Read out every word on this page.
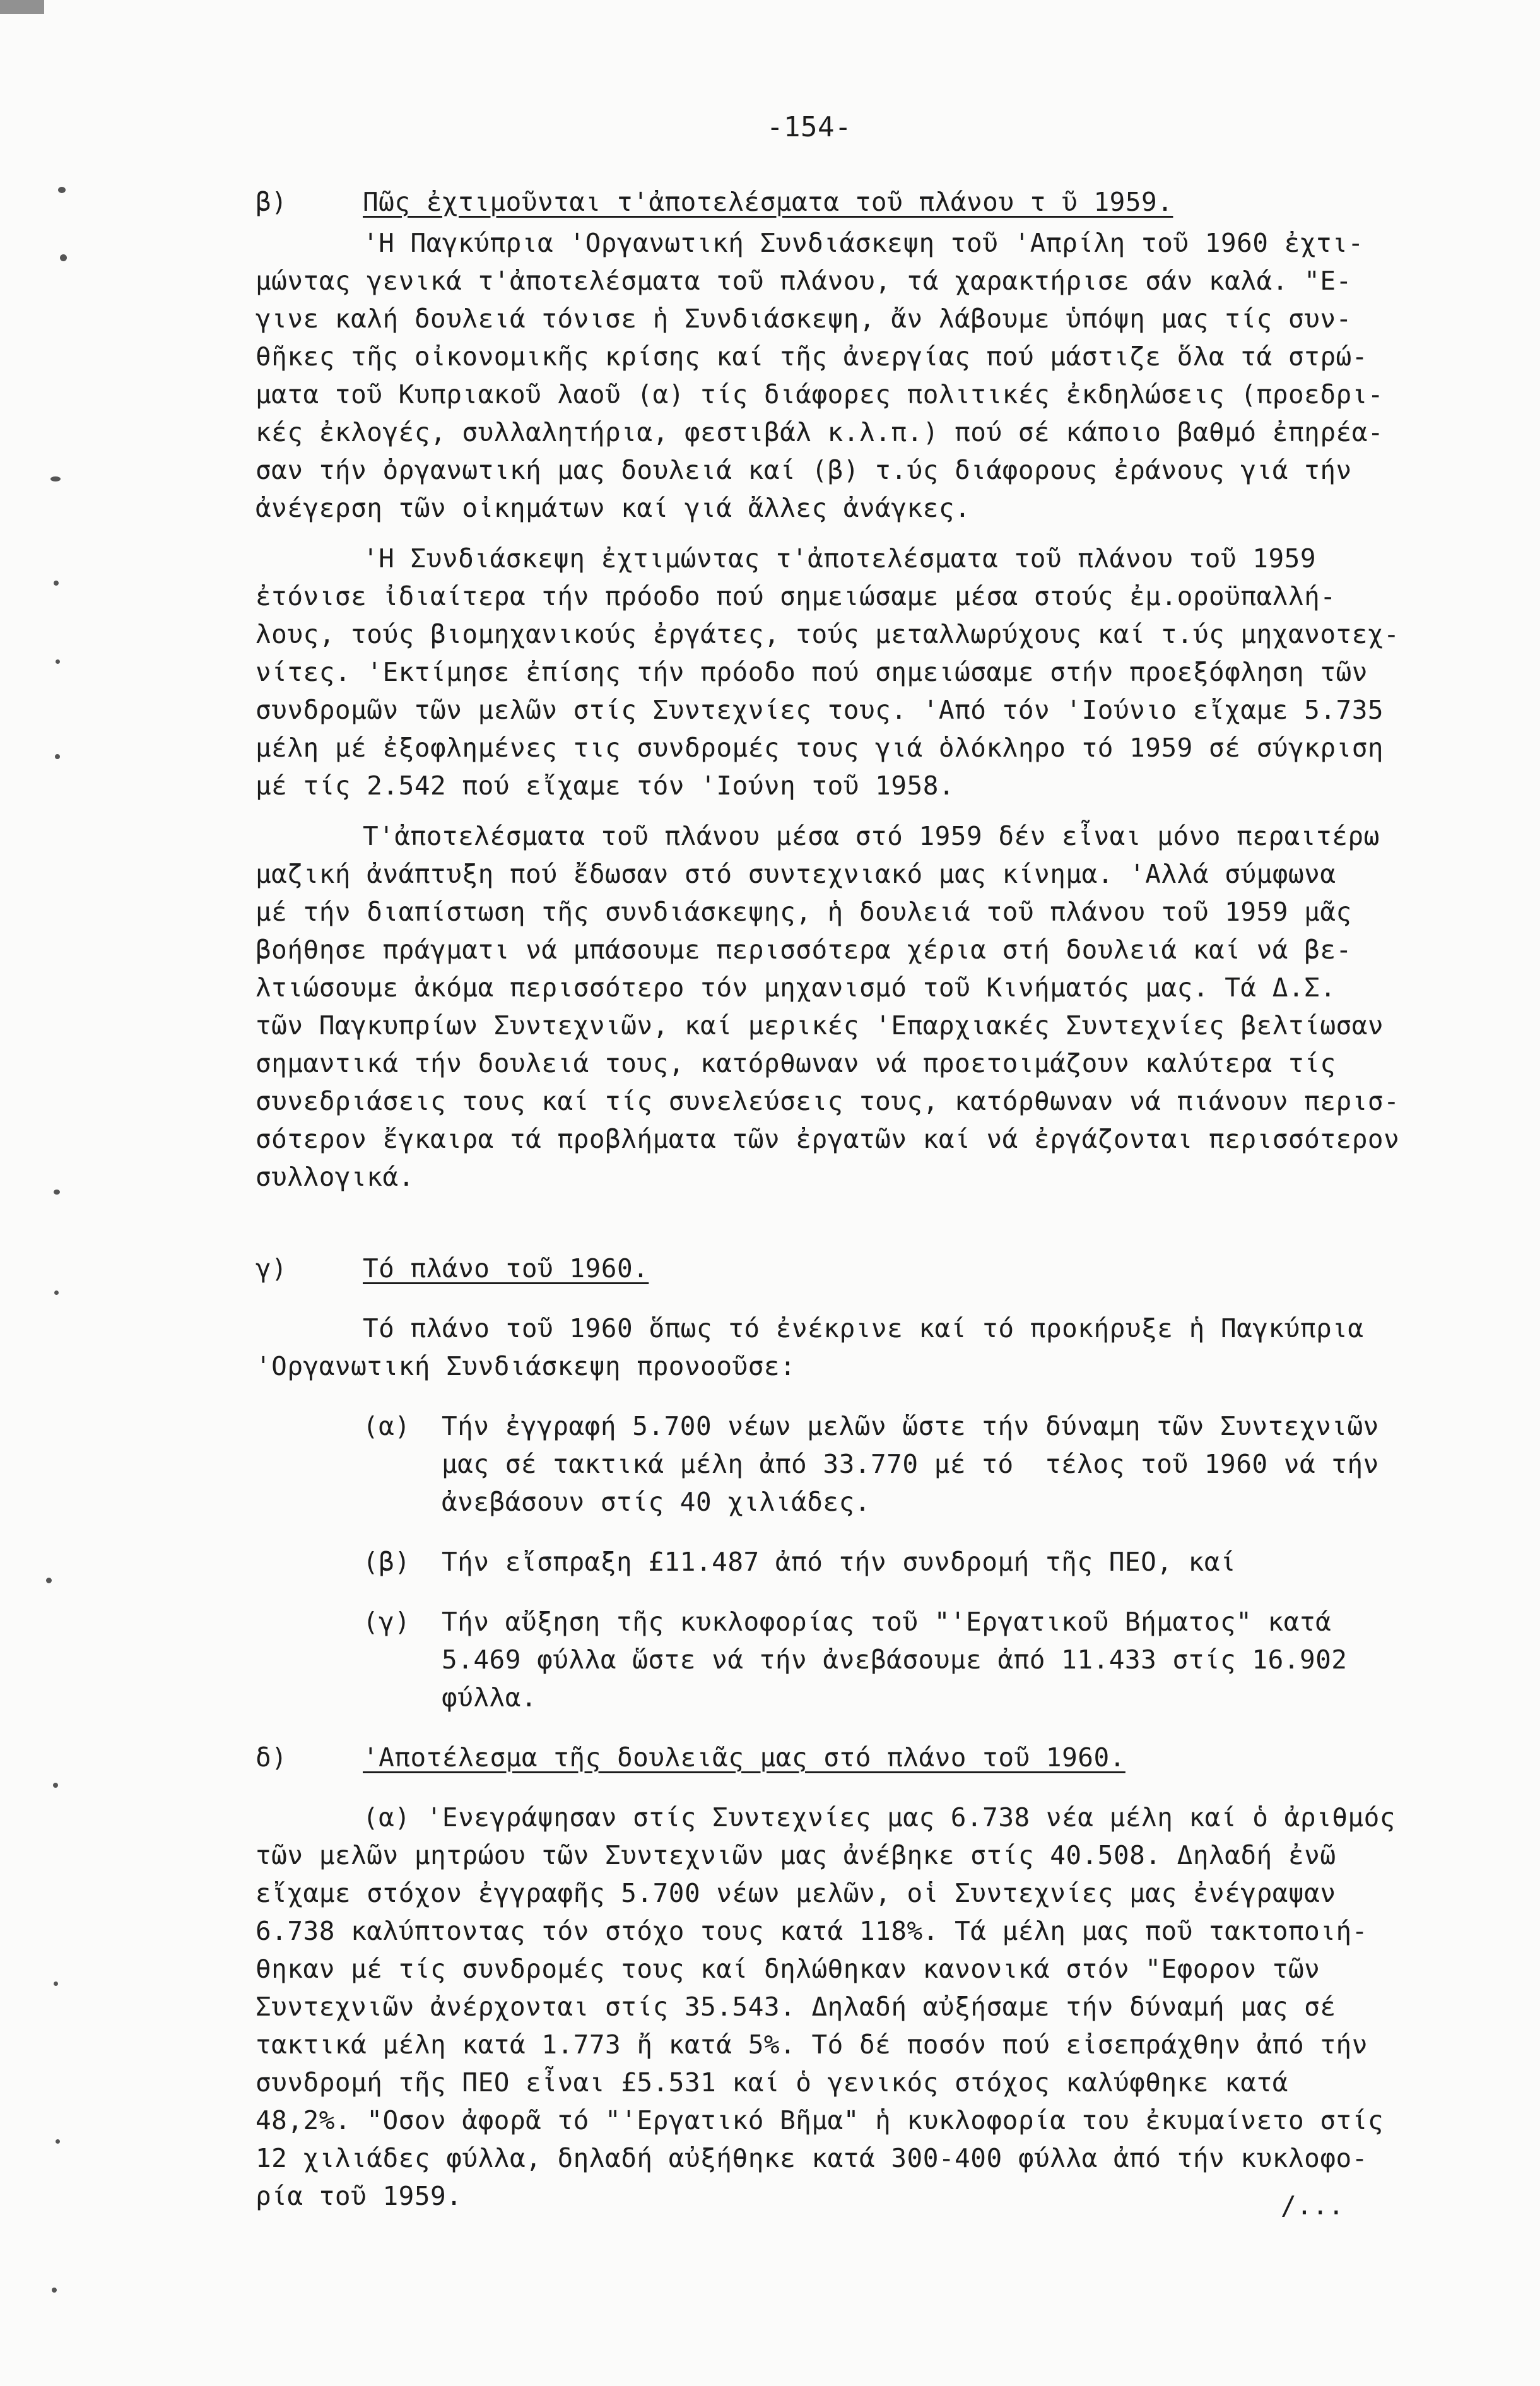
-154-
β)	Πῶς ἐχτιμοῦνται τ'ἀποτελέσματα τοῦ πλάνου τ ῦ 1959.
'Η Παγκύπρια 'Οργανωτική Συνδιάσκεψη τοῦ 'Απρίλη τοῦ 1960 ἐχτι-
μώντας γενικά τ'ἀποτελέσματα τοῦ πλάνου, τά χαρακτήρισε σάν καλά. "Ε-
γινε καλή δουλειά τόνισε ἡ Συνδιάσκεψη, ἄν λάβουμε ὑπόψη μας τίς συν-
θῆκες τῆς οἰκονομικῆς κρίσης καί τῆς ἀνεργίας πού μάστιζε ὅλα τά στρώ-
ματα τοῦ Κυπριακοῦ λαοῦ (α) τίς διάφορες πολιτικές ἐκδηλώσεις (προεδρι-
κές ἐκλογές, συλλαλητήρια, φεστιβάλ κ.λ.π.) πού σέ κάποιο βαθμό ἐπηρέα-
σαν τήν ὀργανωτική μας δουλειά καί (β) τ.ύς διάφορους ἐράνους γιά τήν
ἀνέγερση τῶν οἰκημάτων καί γιά ἄλλες ἀνάγκες.
'Η Συνδιάσκεψη ἐχτιμώντας τ'ἀποτελέσματα τοῦ πλάνου τοῦ 1959
ἐτόνισε ἰδιαίτερα τήν πρόοδο πού σημειώσαμε μέσα στούς ἐμ.οροϋπαλλή-
λους, τούς βιομηχανικούς ἐργάτες, τούς μεταλλωρύχους καί τ.ύς μηχανοτεχ-
νίτες. 'Εκτίμησε ἐπίσης τήν πρόοδο πού σημειώσαμε στήν προεξόφληση τῶν
συνδρομῶν τῶν μελῶν στίς Συντεχνίες τους. 'Από τόν 'Ιούνιο εἴχαμε 5.735
μέλη μέ ἐξοφλημένες τις συνδρομές τους γιά ὁλόκληρο τό 1959 σέ σύγκριση
μέ τίς 2.542 πού εἴχαμε τόν 'Ιούνη τοῦ 1958.
Τ'ἀποτελέσματα τοῦ πλάνου μέσα στό 1959 δέν εἶναι μόνο περαιτέρω
μαζική ἀνάπτυξη πού ἔδωσαν στό συντεχνιακό μας κίνημα. 'Αλλά σύμφωνα
μέ τήν διαπίστωση τῆς συνδιάσκεψης, ἡ δουλειά τοῦ πλάνου τοῦ 1959 μᾶς
βοήθησε πράγματι νά μπάσουμε περισσότερα χέρια στή δουλειά καί νά βε-
λτιώσουμε ἀκόμα περισσότερο τόν μηχανισμό τοῦ Κινήματός μας. Τά Δ.Σ.
τῶν Παγκυπρίων Συντεχνιῶν, καί μερικές 'Επαρχιακές Συντεχνίες βελτίωσαν
σημαντικά τήν δουλειά τους, κατόρθωναν νά προετοιμάζουν καλύτερα τίς
συνεδριάσεις τους καί τίς συνελεύσεις τους, κατόρθωναν νά πιάνουν περισ-
σότερον ἔγκαιρα τά προβλήματα τῶν ἐργατῶν καί νά ἐργάζονται περισσότερον
συλλογικά.
γ)	Τό πλάνο τοῦ 1960.
Τό πλάνο τοῦ 1960 ὅπως τό ἐνέκρινε καί τό προκήρυξε ἡ Παγκύπρια
'Οργανωτική Συνδιάσκεψη προνοοῦσε:
(α) Τήν ἐγγραφή 5.700 νέων μελῶν ὥστε τήν δύναμη τῶν Συντεχνιῶν
μας σέ τακτικά μέλη ἀπό 33.770 μέ τό  τέλος τοῦ 1960 νά τήν
ἀνεβάσουν στίς 40 χιλιάδες.
(β) Τήν εἴσπραξη £11.487 ἀπό τήν συνδρομή τῆς ΠΕΟ, καί
(γ) Τήν αὔξηση τῆς κυκλοφορίας τοῦ "'Εργατικοῦ Βήματος" κατά
5.469 φύλλα ὥστε νά τήν ἀνεβάσουμε ἀπό 11.433 στίς 16.902
φύλλα.
δ)	'Αποτέλεσμα τῆς δουλειᾶς μας στό πλάνο τοῦ 1960.
(α) 'Ενεγράψησαν στίς Συντεχνίες μας 6.738 νέα μέλη καί ὁ ἀριθμός
τῶν μελῶν μητρώου τῶν Συντεχνιῶν μας ἀνέβηκε στίς 40.508. Δηλαδή ἐνῶ
εἴχαμε στόχον ἐγγραφῆς 5.700 νέων μελῶν, οἱ Συντεχνίες μας ἐνέγραψαν
6.738 καλύπτοντας τόν στόχο τους κατά 118%. Τά μέλη μας ποῦ τακτοποιή-
θηκαν μέ τίς συνδρομές τους καί δηλώθηκαν κανονικά στόν "Εφορον τῶν
Συντεχνιῶν ἀνέρχονται στίς 35.543. Δηλαδή αὐξήσαμε τήν δύναμή μας σέ
τακτικά μέλη κατά 1.773 ἤ κατά 5%. Τό δέ ποσόν πού εἰσεπράχθην ἀπό τήν
συνδρομή τῆς ΠΕΟ εἶναι £5.531 καί ὁ γενικός στόχος καλύφθηκε κατά
48,2%. "Οσον ἀφορᾶ τό "'Εργατικό Βῆμα" ἡ κυκλοφορία του ἐκυμαίνετο στίς
12 χιλιάδες φύλλα, δηλαδή αὐξήθηκε κατά 300-400 φύλλα ἀπό τήν κυκλοφο-
ρία τοῦ 1959.	/...
